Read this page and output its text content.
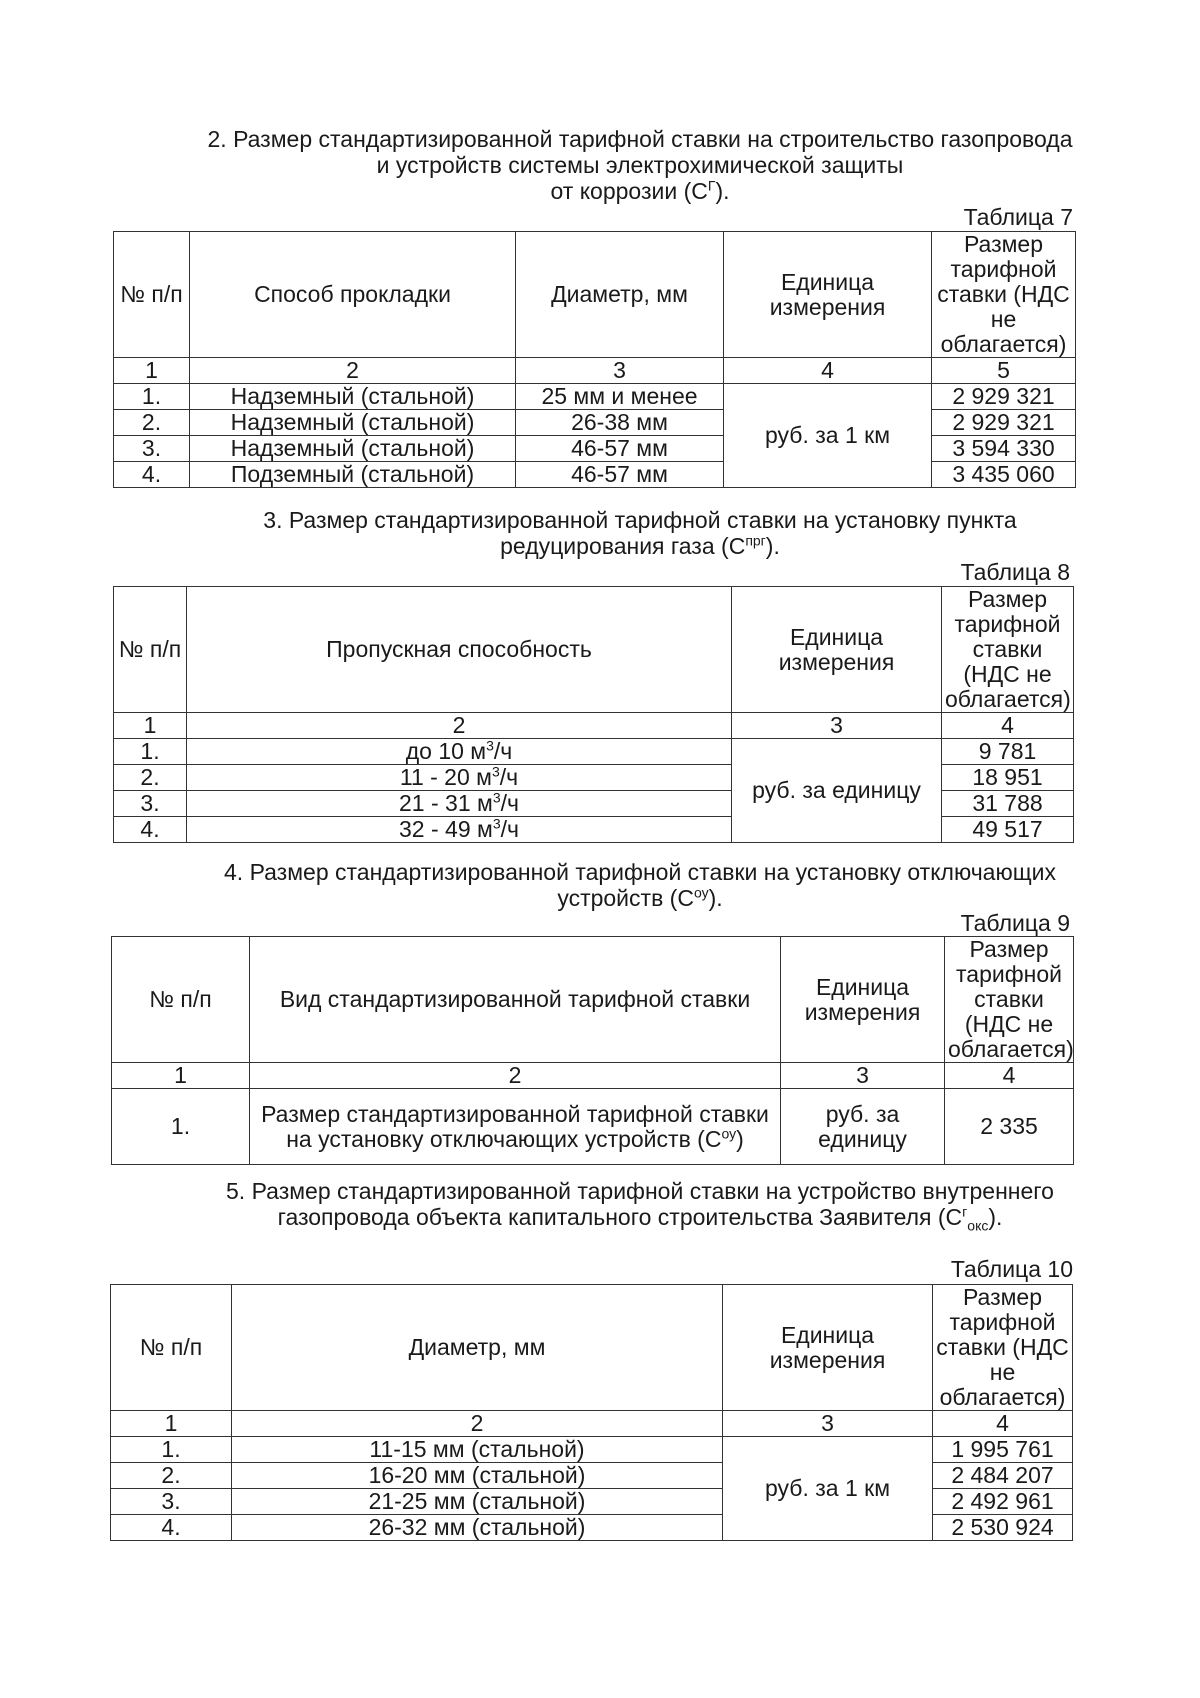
2. Размер стандартизированной тарифной ставки на строительство газопровода
и устройств системы электрохимической защиты
от коррозии $(С^Г)$.
Таблица 7
№ п/п	Способ прокладки	Диаметр, мм	Единица измерения	Размер тарифной ставки (НДС не облагается)
1	2	3	4	5
1.	Надземный (стальной)	25 мм и менее	руб. за 1 км	2 929 321
2.	Надземный (стальной)	26-38 мм		2 929 321
3.	Надземный (стальной)	46-57 мм		3 594 330
4.	Подземный (стальной)	46-57 мм		3 435 060
3. Размер стандартизированной тарифной ставки на установку пункта
редуцирования газа $(С^{прг})$.
Таблица 8
№ п/п	Пропускная способность	Единица измерения	Размер тарифной ставки (НДС не облагается)
1	2	3	4
1.	до 10 $м^3/ч$	руб. за единицу	9 781
2.	11 - 20 $м^3/ч$		18 951
3.	21 - 31 $м^3/ч$		31 788
4.	32 - 49 $м^3/ч$		49 517
4. Размер стандартизированной тарифной ставки на установку отключающих
устройств $(С^{оу})$.
Таблица 9
№ п/п	Вид стандартизированной тарифной ставки	Единица измерения	Размер тарифной ставки (НДС не облагается)
1	2	3	4
1.	Размер стандартизированной тарифной ставки на установку отключающих устройств $(С^{оу})$	руб. за единицу	2 335
5. Размер стандартизированной тарифной ставки на устройство внутреннего
газопровода объекта капитального строительства Заявителя $(С^г_{окс})$.
Таблица 10
№ п/п	Диаметр, мм	Единица измерения	Размер тарифной ставки (НДС не облагается)
1	2	3	4
1.	11-15 мм (стальной)	руб. за 1 км	1 995 761
2.	16-20 мм (стальной)		2 484 207
3.	21-25 мм (стальной)		2 492 961
4.	26-32 мм (стальной)		2 530 924
